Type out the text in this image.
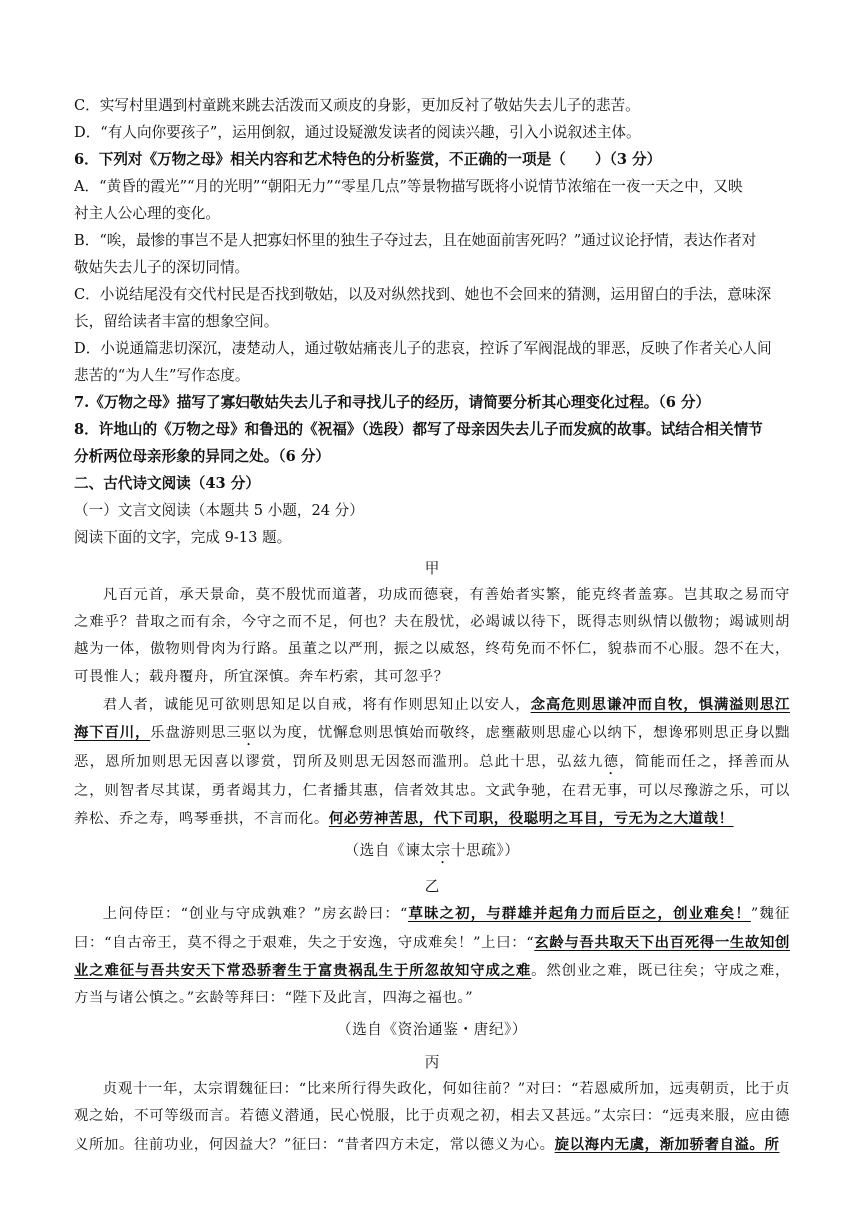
C．实写村里遇到村童跳来跳去活泼而又顽皮的身影，更加反衬了敬姑失去儿子的悲苦。
D．“有人向你要孩子”，运用倒叙，通过设疑激发读者的阅读兴趣，引入小说叙述主体。
6．下列对《万物之母》相关内容和艺术特色的分析鉴赏，不正确的一项是（　　）（3 分）
A．“黄昏的霞光”“月的光明”“朝阳无力”“零星几点”等景物描写既将小说情节浓缩在一夜一天之中，又映
衬主人公心理的变化。
B．“唉，最惨的事岂不是人把寡妇怀里的独生子夺过去，且在她面前害死吗？”通过议论抒情，表达作者对
敬姑失去儿子的深切同情。
C．小说结尾没有交代村民是否找到敬姑，以及对纵然找到、她也不会回来的猜测，运用留白的手法，意味深
长，留给读者丰富的想象空间。
D．小说通篇悲切深沉，凄楚动人，通过敬姑痛丧儿子的悲哀，控诉了军阀混战的罪恶，反映了作者关心人间
悲苦的“为人生”写作态度。
7.《万物之母》描写了寡妇敬姑失去儿子和寻找儿子的经历，请简要分析其心理变化过程。（6 分）
8．许地山的《万物之母》和鲁迅的《祝福》（选段）都写了母亲因失去儿子而发疯的故事。试结合相关情节
分析两位母亲形象的异同之处。（6 分）
二、古代诗文阅读（43 分）
（一）文言文阅读（本题共 5 小题，24 分）
阅读下面的文字，完成 9-13 题。
甲
凡百元首，承天景命，莫不殷忧而道著，功成而德衰，有善始者实繁，能克终者盖寡。岂其取之易而守之难乎？昔取之而有余，今守之而不足，何也？夫在殷忧，必竭诚以待下，既得志则纵情以傲物；竭诚则胡越为一体，傲物则骨肉为行路。虽董之以严刑，振之以威怒，终苟免而不怀仁，貌恭而不心服。怨不在大，可畏惟人；载舟覆舟，所宜深慎。奔车朽索，其可忽乎？
君人者，诚能见可欲则思知足以自戒，将有作则思知止以安人，念高危则思谦冲而自牧，惧满溢则思江海下百川，乐盘游则思三驱以为度，忧懈怠则思慎始而敬终，虑壅蔽则思虚心以纳下，想谗邪则思正身以黜恶，恩所加则思无因喜以谬赏，罚所及则思无因怒而滥刑。总此十思，弘兹九德，简能而任之，择善而从之，则智者尽其谋，勇者竭其力，仁者播其惠，信者效其忠。文武争驰，在君无事，可以尽豫游之乐，可以养松、乔之寿，鸣琴垂拱，不言而化。何必劳神苦思，代下司职，役聪明之耳目，亏无为之大道哉！
（选自《谏太宗十思疏》）
乙
上问侍臣：“创业与守成孰难？”房玄龄曰：“草昧之初，与群雄并起角力而后臣之，创业难矣！”魏征曰：“自古帝王，莫不得之于艰难，失之于安逸，守成难矣！”上曰：“玄龄与吾共取天下出百死得一生故知创业之难征与吾共安天下常恐骄奢生于富贵祸乱生于所忽故知守成之难。然创业之难，既已往矣；守成之难，方当与诸公慎之。”玄龄等拜曰：“陛下及此言，四海之福也。”
（选自《资治通鉴・唐纪》）
丙
贞观十一年，太宗谓魏征曰：“比来所行得失政化，何如往前？”对曰：“若恩威所加，远夷朝贡，比于贞观之始，不可等级而言。若德义潜通，民心悦服，比于贞观之初，相去又甚远。”太宗曰：“远夷来服，应由德义所加。往前功业，何因益大？”征曰：“昔者四方未定，常以德义为心。旋以海内无虞，渐加骄奢自溢。所
